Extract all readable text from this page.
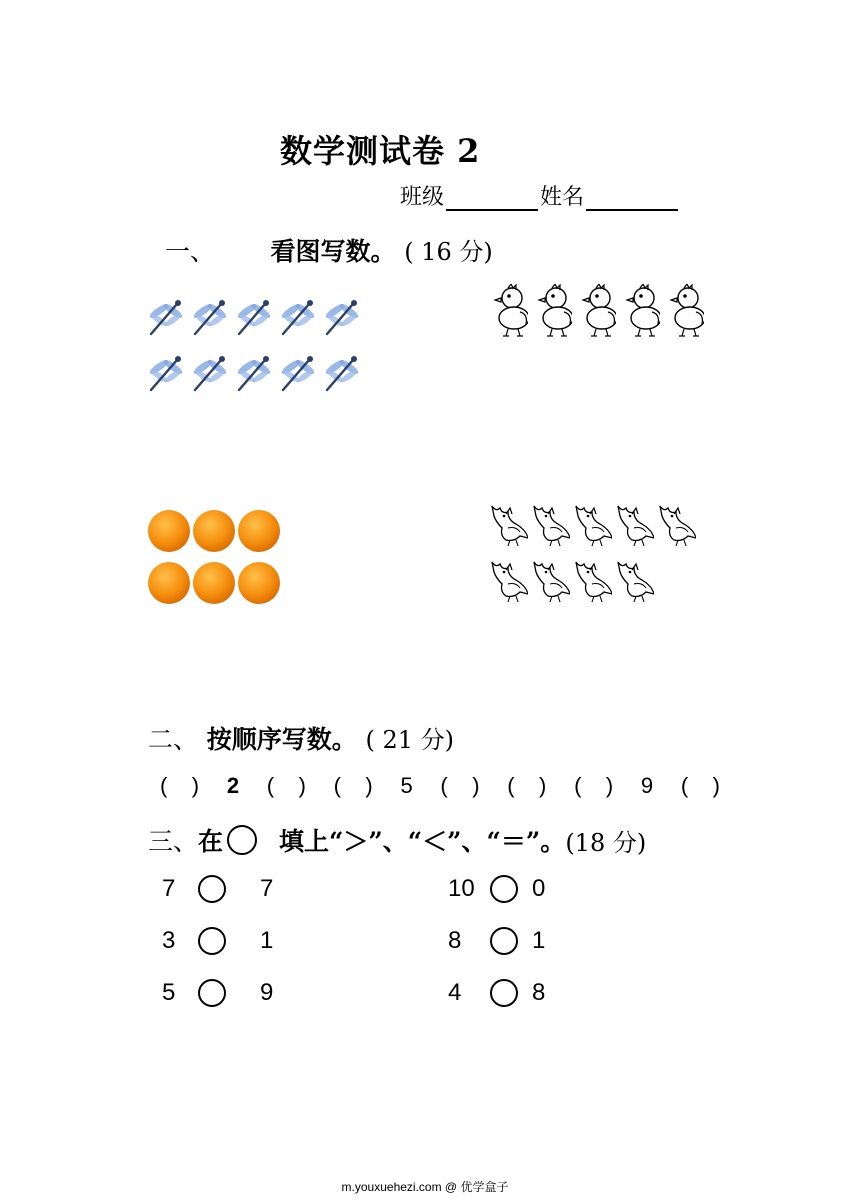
数学测试卷 2
班级	姓名
一、 看图写数。 ( 16 分)
二、 按顺序写数。 ( 21 分)
(    ) 2 (    ) (    ) 5 (    ) (    ) (    ) 9 (    )
三、 在 填上“＞”、“＜”、“＝”。 (18 分)
7	7	10	0
3	1	8	1
5	9	4	8
m.youxuehezi.com @ 优学盒子
